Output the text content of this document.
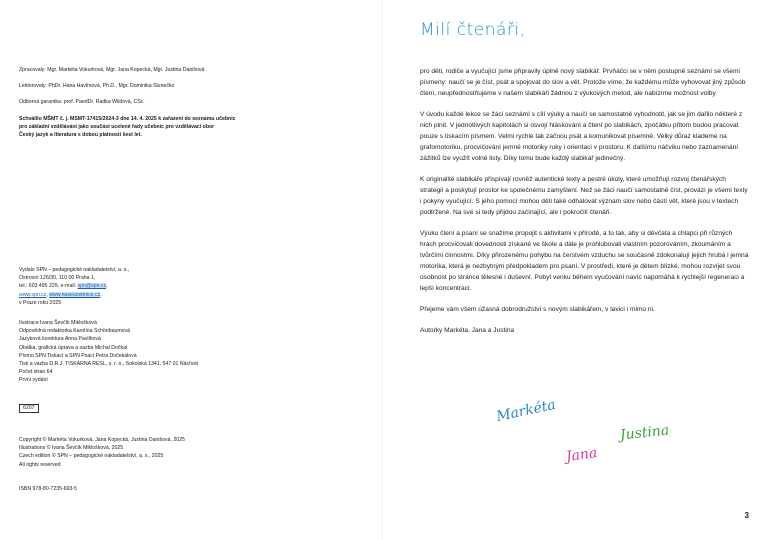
Zpracovaly: Mgr. Markéta Vokurková, Mgr. Jana Kopecká, Mgr. Justina Danišová

Lektorovaly: PhDr. Hana Havlínová, Ph.D., Mgr. Dominika Slunečko

Odborná garantka: prof. PaedDr. Radka Wildová, CSc.

Schválilo MŠMT č. j. MSMT-17415/2024-3 dne 14. 4. 2025 k zařazení do seznamu učebnic

pro základní vzdělávání jako součást ucelené řady učebnic pro vzdělávací obor

Český jazyk a literatura s dobou platnosti šest let.

Vydalo SPN – pedagogické nakladatelství, a. s.,

Ostrovní 126/30, 110 00 Praha 1,

tel.: 603 495 229, e-mail: spn@spn.cz,

www.spn.cz, www.naseucebnice.cz,

v Praze roku 2025

Ilustrace Ivana Ševčík Miklošková

Odpovědná redaktorka Karolína Schönbaumová

Jazyková korektura Anna Pavlíková

Obálka, grafická úprava a sazba Michal Dočkal

Písmo SPN Tiskací a SPN Psací Petra Dočekalová

Tisk a vazba D.R.J. TISKÁRNA RESL, s. r. o., Sokolská 1341, 547 01 Náchod

Počet stran 64

První vydání

6207

Copyright © Markéta Vokurková, Jana Kopecká, Justina Danišová, 2025

Illustrations © Ivana Ševčík Miklošková, 2025

Czech edition © SPN – pedagogické nakladatelství, a. s., 2025

All rights reserved

ISBN 978-80-7235-693-5
Milí čtenáři,

pro děti, rodiče a vyučující jsme připravily úplně nový slabikář. Prvňáčci se v něm postupně seznámí se všemi písmeny: naučí se je číst, psát a spojovat do slov a vět. Protože víme, že každému může vyhovovat jiný způsob čtení, neupřednostňujeme v našem slabikáři žádnou z výukových metod, ale nabízíme možnost volby.

V úvodu každé lekce se žáci seznámí s cílí výuky a naučí se samostatně vyhodnotit, jak se jim dařilo některé z nich plnit. V jednotlivých kapitolách si osvojí hláskování a čtení po slabikách, zpočátku přitom budou pracovat pouze s tiskacím písmem. Velmi rychle tak začnou psát a komunikovat písemně. Velký důraz klademe na grafomotoriku, procvičování jemné motoriky ruky i orientaci v prostoru. K dalšímu náčviku nebo zaznamenání zážitků lze využít volné listy. Díky tomu bude každý slabikář jedinečný.

K originalitě slabikáře přispívají rovněž autentické texty a pestré úkoly, které umožňují rozvoj čtenářských strategií a poskytují prostor ke společnému zamyšlení. Než se žáci naučí samostatně číst, provází je všemi texty i pokyny vyučující. S jeho pomocí mohou děti také odhalovat význam slov nebo částí vět, které jsou v textech podtržené. Na své si tedy přijdou začínající, ale i pokročilí čtenáři.

Výuku čtení a psaní se snažíme propojit s aktivitami v přírodě, a to tak, aby si děvčata a chlapci při různých hrách procvičovali dovednosti získané ve škole a dále je prohlubovali vlastním pozorováním, zkoumáním a tvůrčími činnostmi. Díky přirozenému pohybu na čerstvém vzduchu se současně zdokonalují jejich hrubá i jemná motorika, která je nezbytným předpokladem pro psaní. V prostředí, které je dětem blízké, mohou rozvíjet svou osobnost po stránce tělesné i duševní. Pobyt venku během vyučování navíc napomáhá k rychlejší regeneraci a lepší koncentraci.

Přejeme vám všem úžasná dobrodružství s novým slabikářem, v lavici i mimo ni.

Autorky Markéta, Jana a Justina

Markéta
Justina
Jana
3
